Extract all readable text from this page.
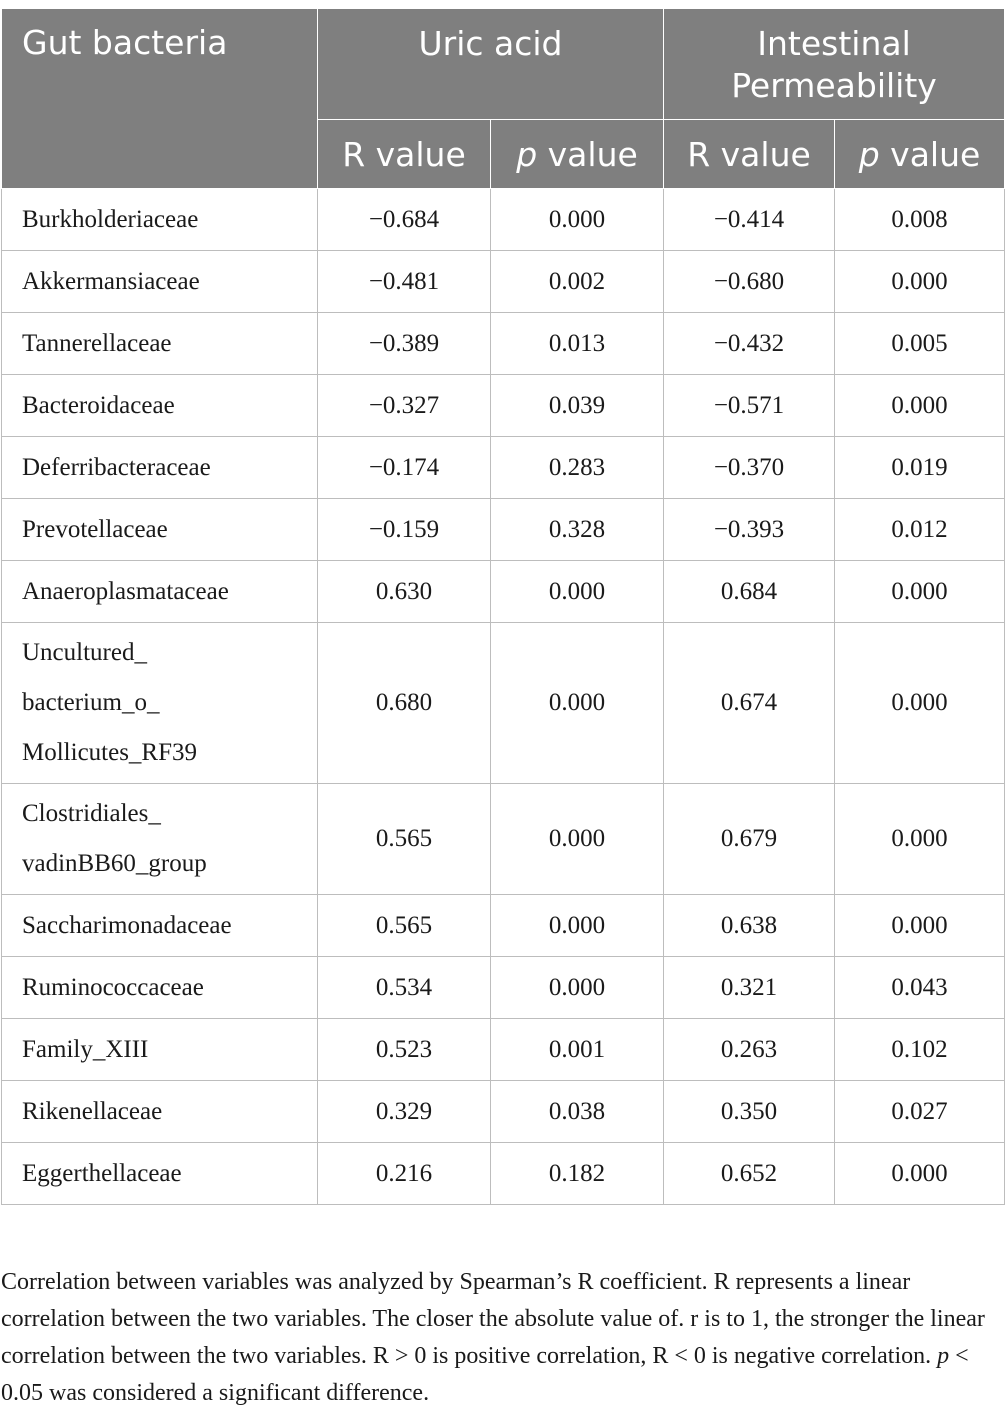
Gut bacteria	Uric acid		Intestinal Permeability	
	R value	p value	R value	p value
Burkholderiaceae	−0.684	0.000	−0.414	0.008
Akkermansiaceae	−0.481	0.002	−0.680	0.000
Tannerellaceae	−0.389	0.013	−0.432	0.005
Bacteroidaceae	−0.327	0.039	−0.571	0.000
Deferribacteraceae	−0.174	0.283	−0.370	0.019
Prevotellaceae	−0.159	0.328	−0.393	0.012
Anaeroplasmataceae	0.630	0.000	0.684	0.000

Uncultured_
bacterium_o_
Mollicutes_RF39	0.680	0.000	0.674	0.000

Clostridiales_
vadinBB60_group	0.565	0.000	0.679	0.000
Saccharimonadaceae	0.565	0.000	0.638	0.000
Ruminococcaceae	0.534	0.000	0.321	0.043
Family_XIII	0.523	0.001	0.263	0.102
Rikenellaceae	0.329	0.038	0.350	0.027
Eggerthellaceae	0.216	0.182	0.652	0.000
Correlation between variables was analyzed by Spearman’s R coefficient. R represents a linear correlation between the two variables. The closer the absolute value of. r is to 1, the stronger the linear correlation between the two variables. R > 0 is positive correlation, R < 0 is negative correlation. p < 0.05 was considered a significant difference.
